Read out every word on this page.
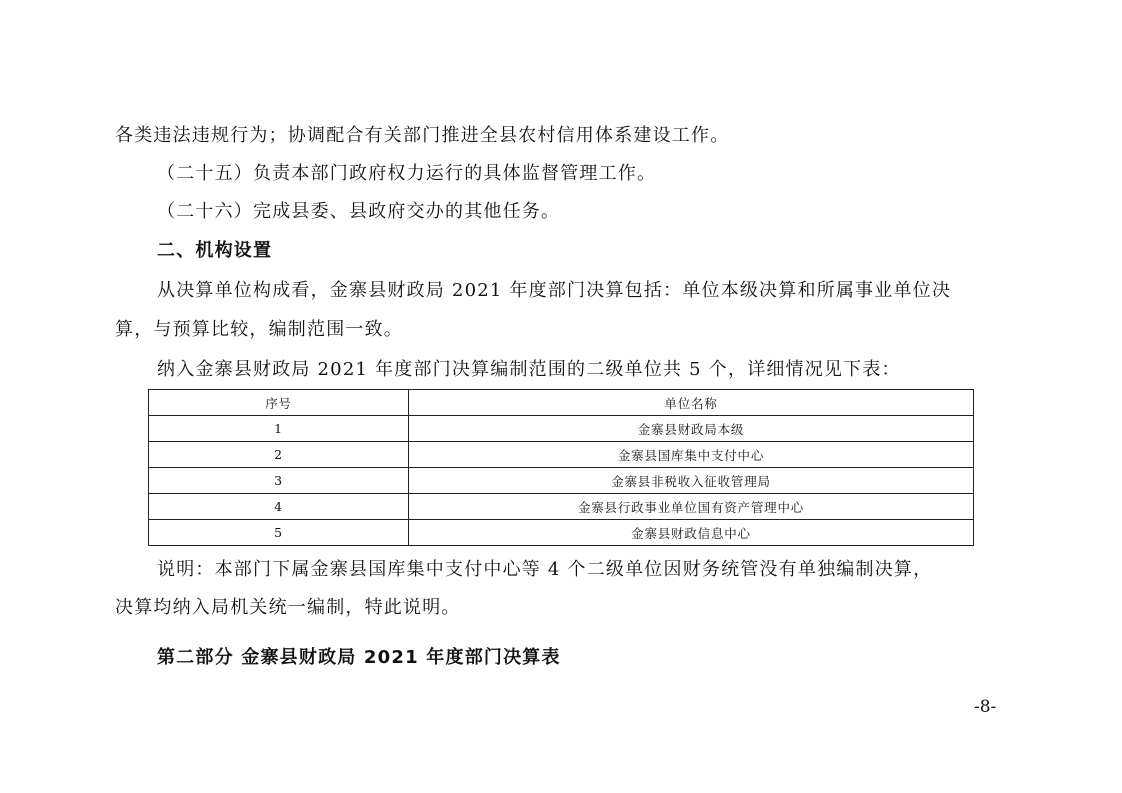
各类违法违规行为；协调配合有关部门推进全县农村信用体系建设工作。
（二十五）负责本部门政府权力运行的具体监督管理工作。
（二十六）完成县委、县政府交办的其他任务。
二、机构设置
从决算单位构成看，金寨县财政局 2021 年度部门决算包括：单位本级决算和所属事业单位决
算，与预算比较，编制范围一致。
纳入金寨县财政局 2021 年度部门决算编制范围的二级单位共 5 个，详细情况见下表：
序号	单位名称
1	金寨县财政局本级
2	金寨县国库集中支付中心
3	金寨县非税收入征收管理局
4	金寨县行政事业单位国有资产管理中心
5	金寨县财政信息中心
说明：本部门下属金寨县国库集中支付中心等 4 个二级单位因财务统管没有单独编制决算，
决算均纳入局机关统一编制，特此说明。
第二部分 金寨县财政局 2021 年度部门决算表
-8-
